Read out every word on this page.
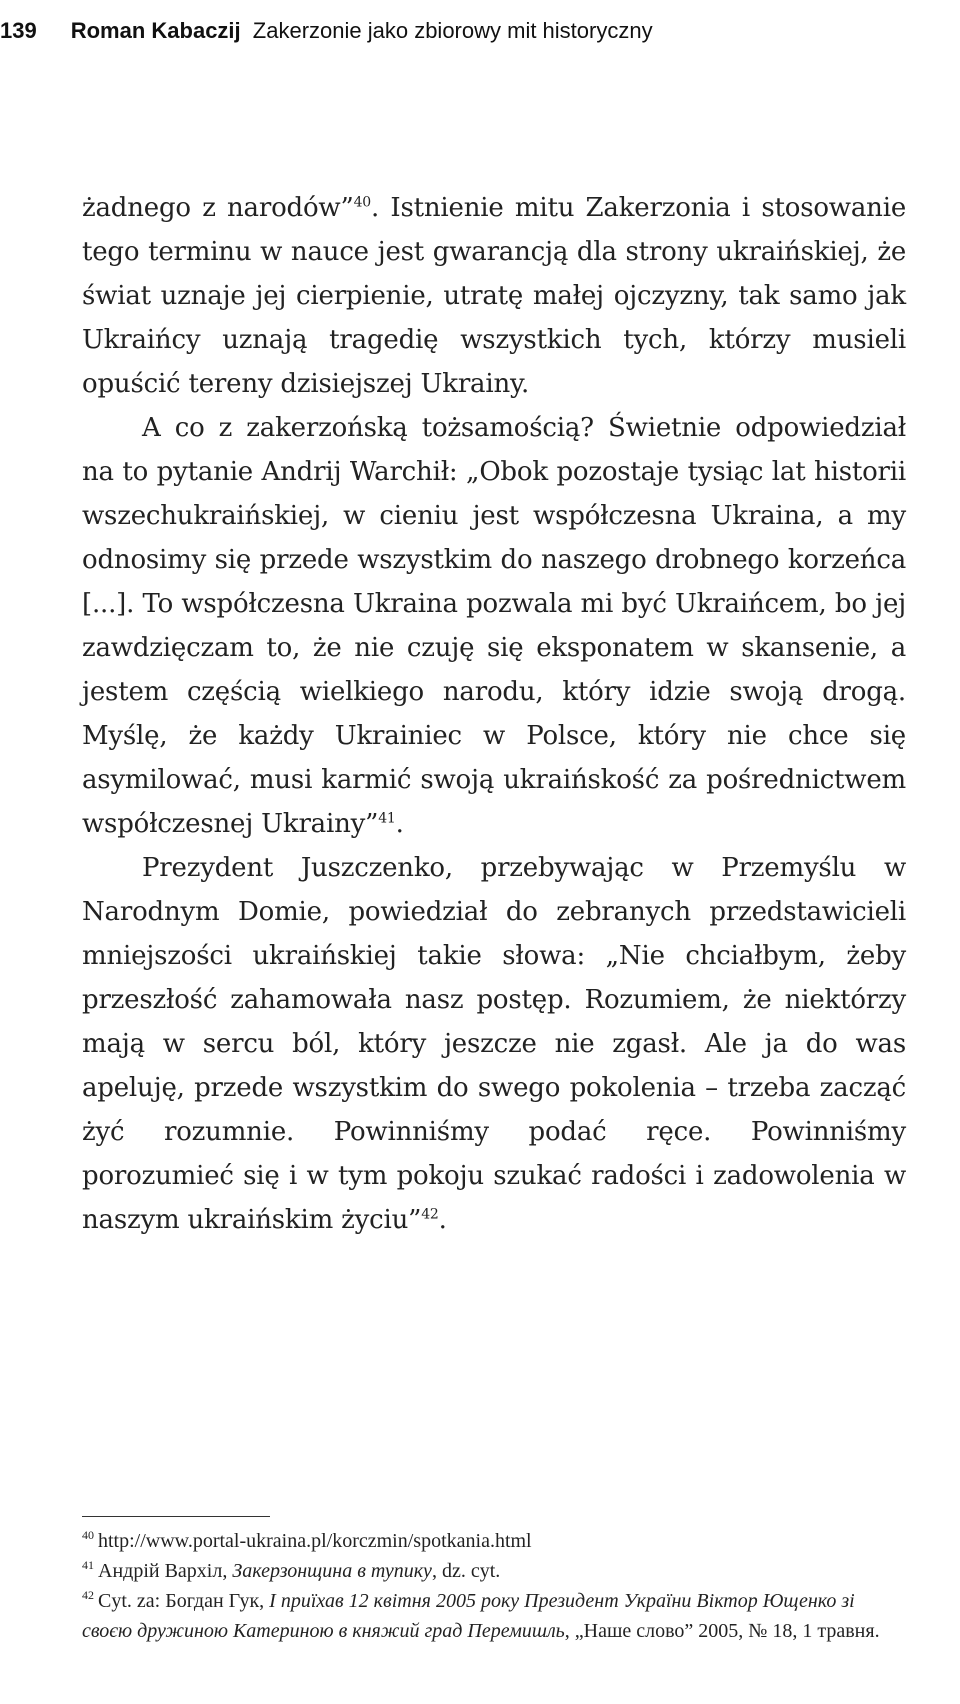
139 Roman Kabaczij Zakerzonie jako zbiorowy mit historyczny

żadnego z narodów”$^{40}$. Istnienie mitu Zakerzonia i stosowanie tego terminu w nauce jest gwarancją dla strony ukraińskiej, że świat uznaje jej cierpienie, utratę małej ojczyzny, tak samo jak Ukraińcy uznają tragedię wszystkich tych, którzy musieli opuścić tereny dzisiejszej Ukrainy.

A co z zakerzońską tożsamością? Świetnie odpowiedział na to pytanie Andrij Warchił: „Obok pozostaje tysiąc lat historii wszechukraińskiej, w cieniu jest współczesna Ukraina, a my odnosimy się przede wszystkim do naszego drobnego korzeńca [...]. To współczesna Ukraina pozwala mi być Ukraińcem, bo jej zawdzięczam to, że nie czuję się eksponatem w skansenie, a jestem częścią wielkiego narodu, który idzie swoją drogą. Myślę, że każdy Ukrainiec w Polsce, który nie chce się asymilować, musi karmić swoją ukraińskość za pośrednictwem współczesnej Ukrainy”$^{41}$.

Prezydent Juszczenko, przebywając w Przemyślu w Narodnym Domie, powiedział do zebranych przedstawicieli mniejszości ukraińskiej takie słowa: „Nie chciałbym, żeby przeszłość zahamowała nasz postęp. Rozumiem, że niektórzy mają w sercu ból, który jeszcze nie zgasł. Ale ja do was apeluję, przede wszystkim do swego pokolenia – trzeba zacząć żyć rozumnie. Powinniśmy podać ręce. Powinniśmy porozumieć się i w tym pokoju szukać radości i zadowolenia w naszym ukraińskim życiu”$^{42}$.

$^{40}$ http://www.portal-ukraina.pl/korczmin/spotkania.html

$^{41}$ Андрій Вархіл, Закерзонщина в тупику, dz. cyt.

$^{42}$ Cyt. za: Богдан Гук, І приїхав 12 квітня 2005 року Президент України Віктор Ющенко зі своєю дружиною Катериною в княжий град Перемишль, „Наше слово” 2005, № 18, 1 травня.
